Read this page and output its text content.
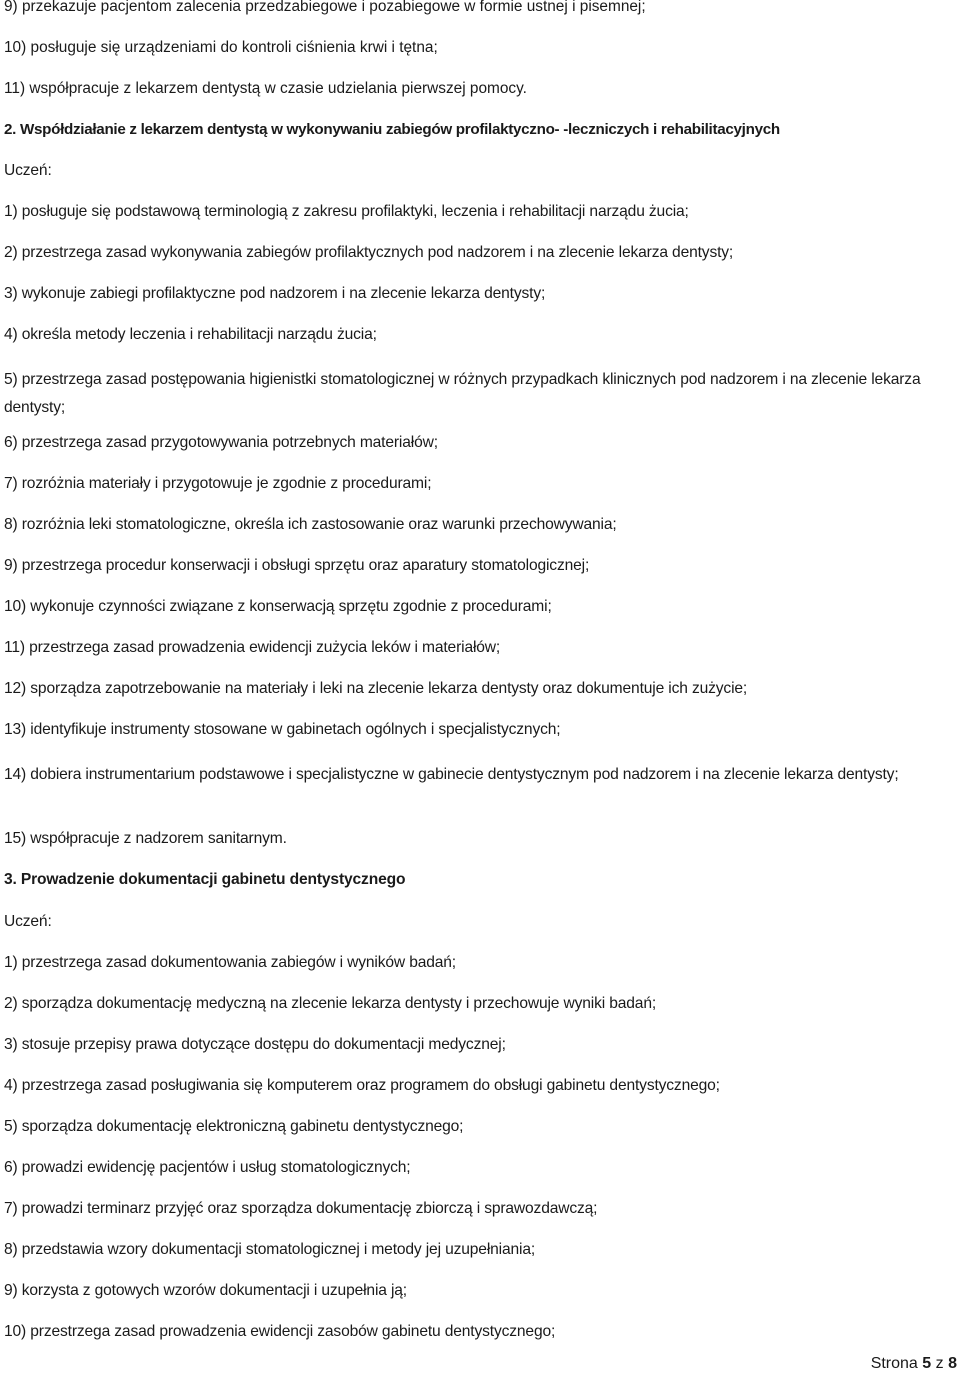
9) przekazuje pacjentom zalecenia przedzabiegowe i pozabiegowe w formie ustnej i pisemnej;
10) posługuje się urządzeniami do kontroli ciśnienia krwi i tętna;
11) współpracuje z lekarzem dentystą w czasie udzielania pierwszej pomocy.
2. Współdziałanie z lekarzem dentystą w wykonywaniu zabiegów profilaktyczno- -leczniczych i rehabilitacyjnych
Uczeń:
1) posługuje się podstawową terminologią z zakresu profilaktyki, leczenia i rehabilitacji narządu żucia;
2) przestrzega zasad wykonywania zabiegów profilaktycznych pod nadzorem i na zlecenie lekarza dentysty;
3) wykonuje zabiegi profilaktyczne pod nadzorem i na zlecenie lekarza dentysty;
4) określa metody leczenia i rehabilitacji narządu żucia;
5) przestrzega zasad postępowania higienistki stomatologicznej w różnych przypadkach klinicznych pod nadzorem i na zlecenie lekarza dentysty;
6) przestrzega zasad przygotowywania potrzebnych materiałów;
7) rozróżnia materiały i przygotowuje je zgodnie z procedurami;
8) rozróżnia leki stomatologiczne, określa ich zastosowanie oraz warunki przechowywania;
9) przestrzega procedur konserwacji i obsługi sprzętu oraz aparatury stomatologicznej;
10) wykonuje czynności związane z konserwacją sprzętu zgodnie z procedurami;
11) przestrzega zasad prowadzenia ewidencji zużycia leków i materiałów;
12) sporządza zapotrzebowanie na materiały i leki na zlecenie lekarza dentysty oraz dokumentuje ich zużycie;
13) identyfikuje instrumenty stosowane w gabinetach ogólnych i specjalistycznych;
14) dobiera instrumentarium podstawowe i specjalistyczne w gabinecie dentystycznym pod nadzorem i na zlecenie lekarza dentysty;
15) współpracuje z nadzorem sanitarnym.
3. Prowadzenie dokumentacji gabinetu dentystycznego
Uczeń:
1) przestrzega zasad dokumentowania zabiegów i wyników badań;
2) sporządza dokumentację medyczną na zlecenie lekarza dentysty i przechowuje wyniki badań;
3) stosuje przepisy prawa dotyczące dostępu do dokumentacji medycznej;
4) przestrzega zasad posługiwania się komputerem oraz programem do obsługi gabinetu dentystycznego;
5) sporządza dokumentację elektroniczną gabinetu dentystycznego;
6) prowadzi ewidencję pacjentów i usług stomatologicznych;
7) prowadzi terminarz przyjęć oraz sporządza dokumentację zbiorczą i sprawozdawczą;
8) przedstawia wzory dokumentacji stomatologicznej i metody jej uzupełniania;
9) korzysta z gotowych wzorów dokumentacji i uzupełnia ją;
10) przestrzega zasad prowadzenia ewidencji zasobów gabinetu dentystycznego;
Strona 5 z 8
